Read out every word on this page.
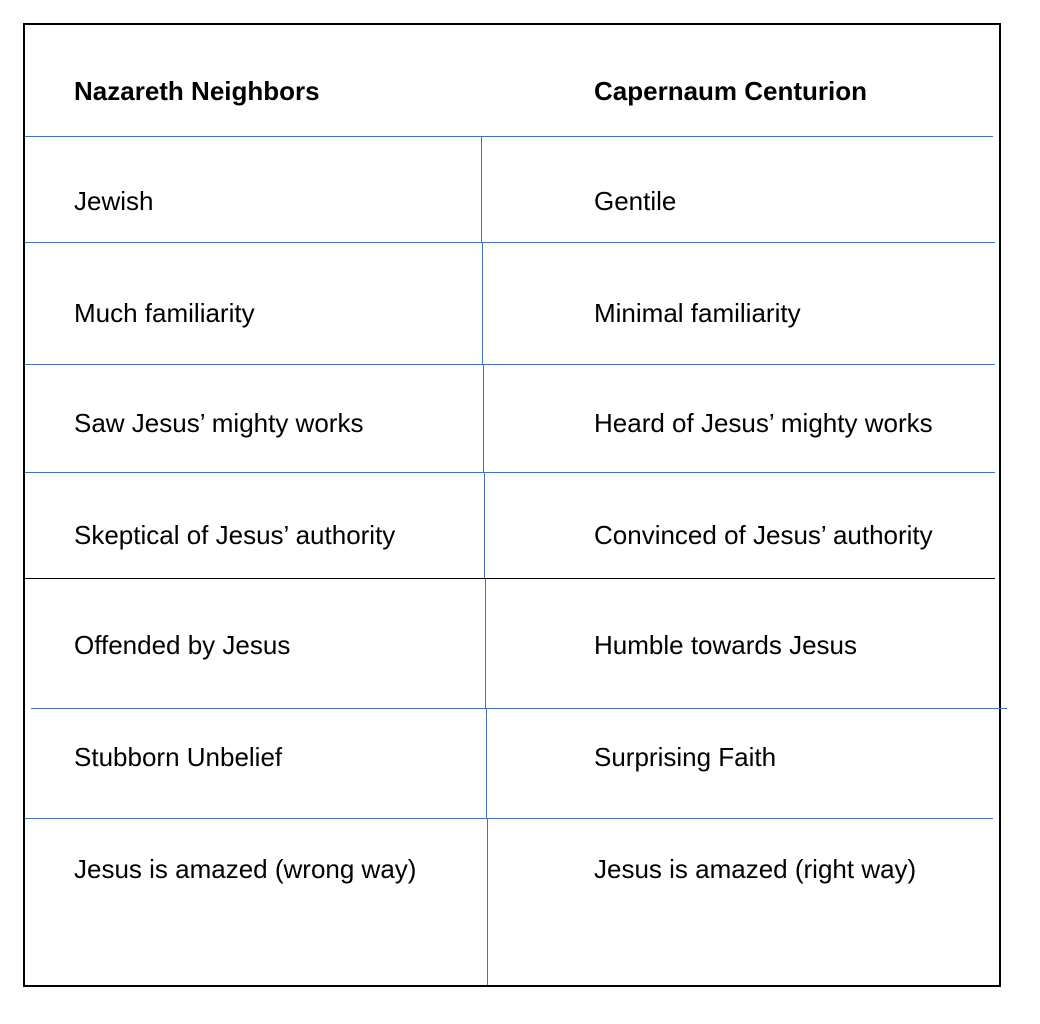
Nazareth Neighbors	Capernaum Centurion
Jewish	Gentile
Much familiarity	Minimal familiarity
Saw Jesus’ mighty works	Heard of Jesus’ mighty works
Skeptical of Jesus’ authority	Convinced of Jesus’ authority
Offended by Jesus	Humble towards Jesus
Stubborn Unbelief	Surprising Faith
Jesus is amazed (wrong way)	Jesus is amazed (right way)
